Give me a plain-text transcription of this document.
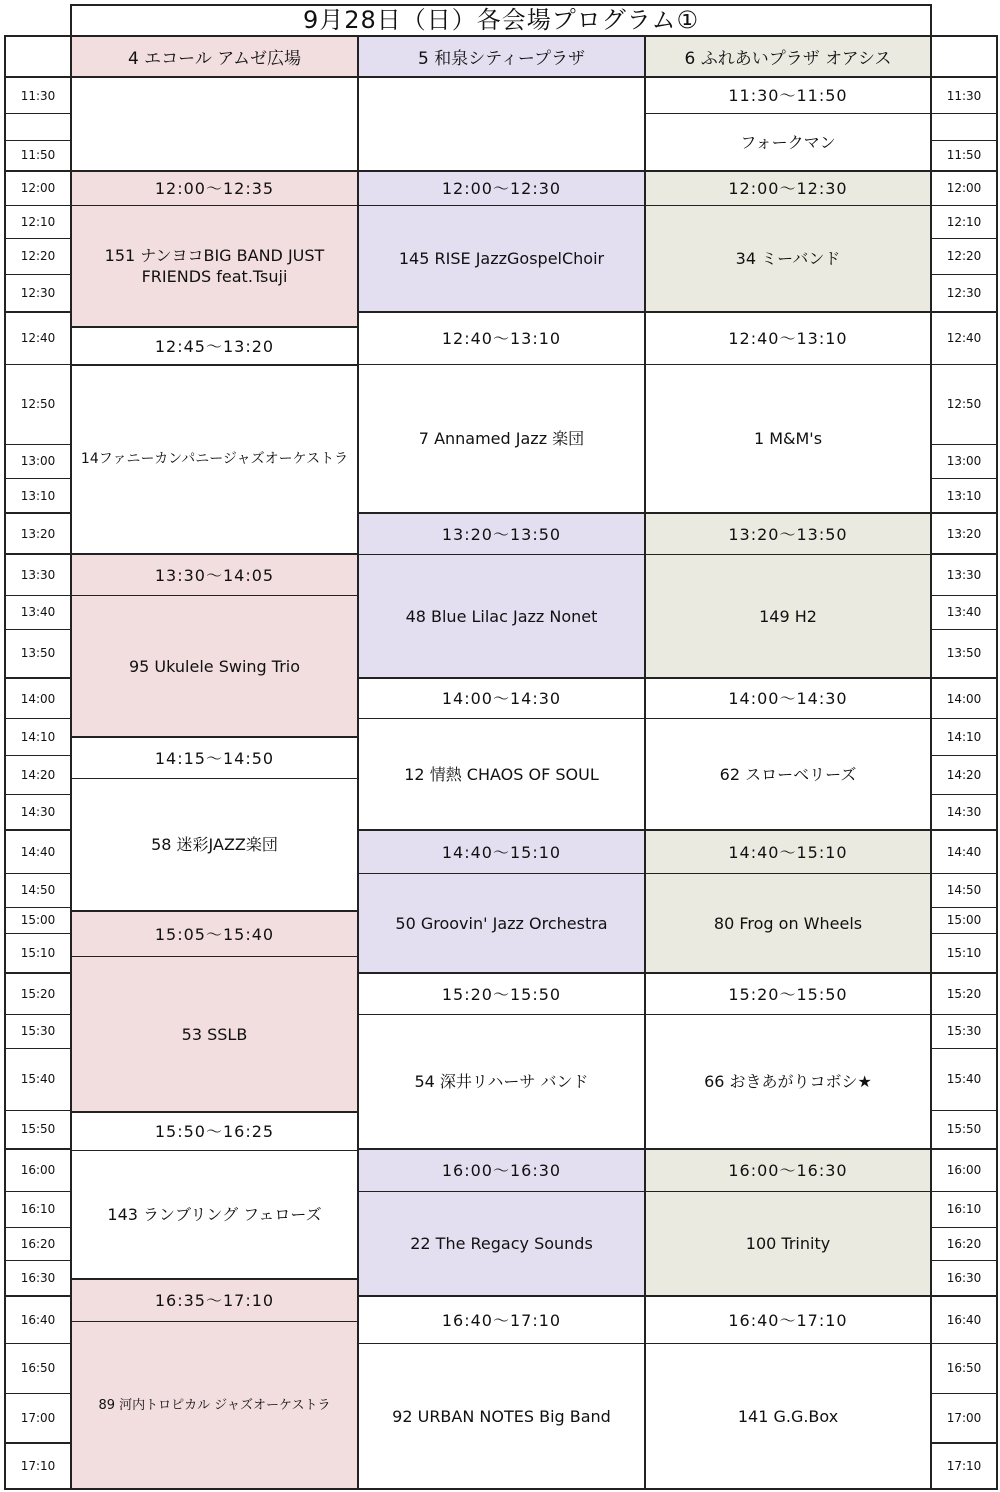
9月28日（日）各会場プログラム①
4 エコール アムゼ広場	5 和泉シティープラザ	6 ふれあいプラザ オアシス
11:30
11:50
12:00
12:10
12:20
12:30
12:40
12:50
13:00
13:10
13:20
13:30
13:40
13:50
14:00
14:10
14:20
14:30
14:40
14:50
15:00
15:10
15:20
15:30
15:40
15:50
16:00
16:10
16:20
16:30
16:40
16:50
17:00
17:10
11:30
11:50
12:00
12:10
12:20
12:30
12:40
12:50
13:00
13:10
13:20
13:30
13:40
13:50
14:00
14:10
14:20
14:30
14:40
14:50
15:00
15:10
15:20
15:30
15:40
15:50
16:00
16:10
16:20
16:30
16:40
16:50
17:00
17:10
12:00～12:35
151 ナンヨコBIG BAND JUST FRIENDS feat.Tsuji
12:45～13:20
14ファニーカンパニージャズオーケストラ
13:30～14:05
95 Ukulele Swing Trio
14:15～14:50
58 迷彩JAZZ楽団
15:05～15:40
53 SSLB
15:50～16:25
143 ランブリング フェローズ
16:35～17:10
89 河内トロピカル ジャズオーケストラ
12:00～12:30
145 RISE JazzGospelChoir
12:40～13:10
7 Annamed Jazz 楽団
13:20～13:50
48 Blue Lilac Jazz Nonet
14:00～14:30
12 情熱 CHAOS OF SOUL
14:40～15:10
50 Groovin' Jazz Orchestra
15:20～15:50
54 深井リハーサ バンド
16:00～16:30
22 The Regacy Sounds
16:40～17:10
92 URBAN NOTES Big Band
11:30～11:50
フォークマン
12:00～12:30
34 ミーバンド
12:40～13:10
1 M&M's
13:20～13:50
149 H2
14:00～14:30
62 スローベリーズ
14:40～15:10
80 Frog on Wheels
15:20～15:50
66 おきあがりコボシ★
16:00～16:30
100 Trinity
16:40～17:10
141 G.G.Box
